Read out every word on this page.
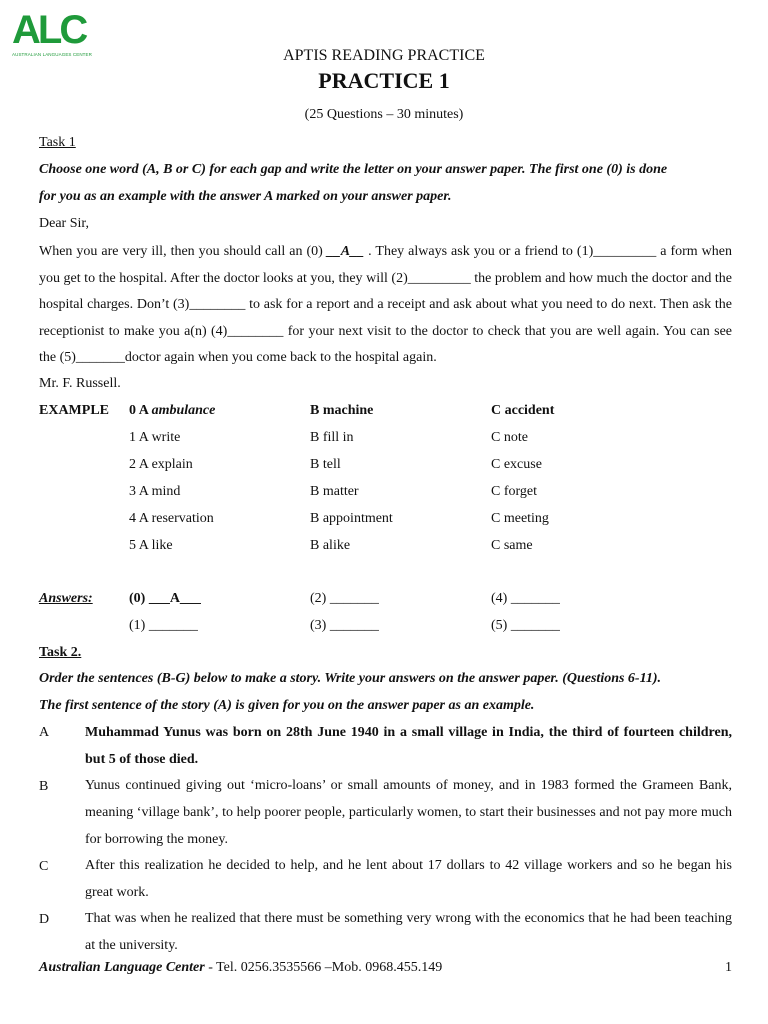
ALC
AUSTRALIAN LANGUAGES CENTER	APTIS READING PRACTICE
PRACTICE 1
(25 Questions – 30 minutes)
Task 1
Choose one word (A, B or C) for each gap and write the letter on your answer paper. The first one (0) is done
for you as an example with the answer A marked on your answer paper.
Dear Sir,
When you are very ill, then you should call an (0) __A__ . They always ask you or a friend to (1)_________ a form when you get to the hospital. After the doctor looks at you, they will (2)_________ the problem and how much the doctor and the hospital charges. Don’t (3)________ to ask for a report and a receipt and ask about what you need to do next. Then ask the receptionist to make you a(n) (4)________ for your next visit to the doctor to check that you are well again. You can see the (5)_______doctor again when you come back to the hospital again.
Mr. F. Russell.
EXAMPLE 0 A ambulance	B machine	C accident
1 A write	B fill in	C note
2 A explain	B tell	C excuse
3 A mind	B matter	C forget
4 A reservation	B appointment	C meeting
5 A like	B alike	C same
Answers:	(0) ___A___	(2) _______	(4) _______
(1) _______	(3) _______	(5) _______
Task 2.
Order the sentences (B-G) below to make a story. Write your answers on the answer paper. (Questions 6-11).
The first sentence of the story (A) is given for you on the answer paper as an example.
A	Muhammad Yunus was born on 28th June 1940 in a small village in India, the third of fourteen children, but 5 of those died.
B	Yunus continued giving out ‘micro-loans’ or small amounts of money, and in 1983 formed the Grameen Bank, meaning ‘village bank’, to help poorer people, particularly women, to start their businesses and not pay more much for borrowing the money.
C	After this realization he decided to help, and he lent about 17 dollars to 42 village workers and so he began his great work.
D	That was when he realized that there must be something very wrong with the economics that he had been teaching at the university.
Australian Language Center - Tel. 0256.3535566 –Mob. 0968.455.149	1
